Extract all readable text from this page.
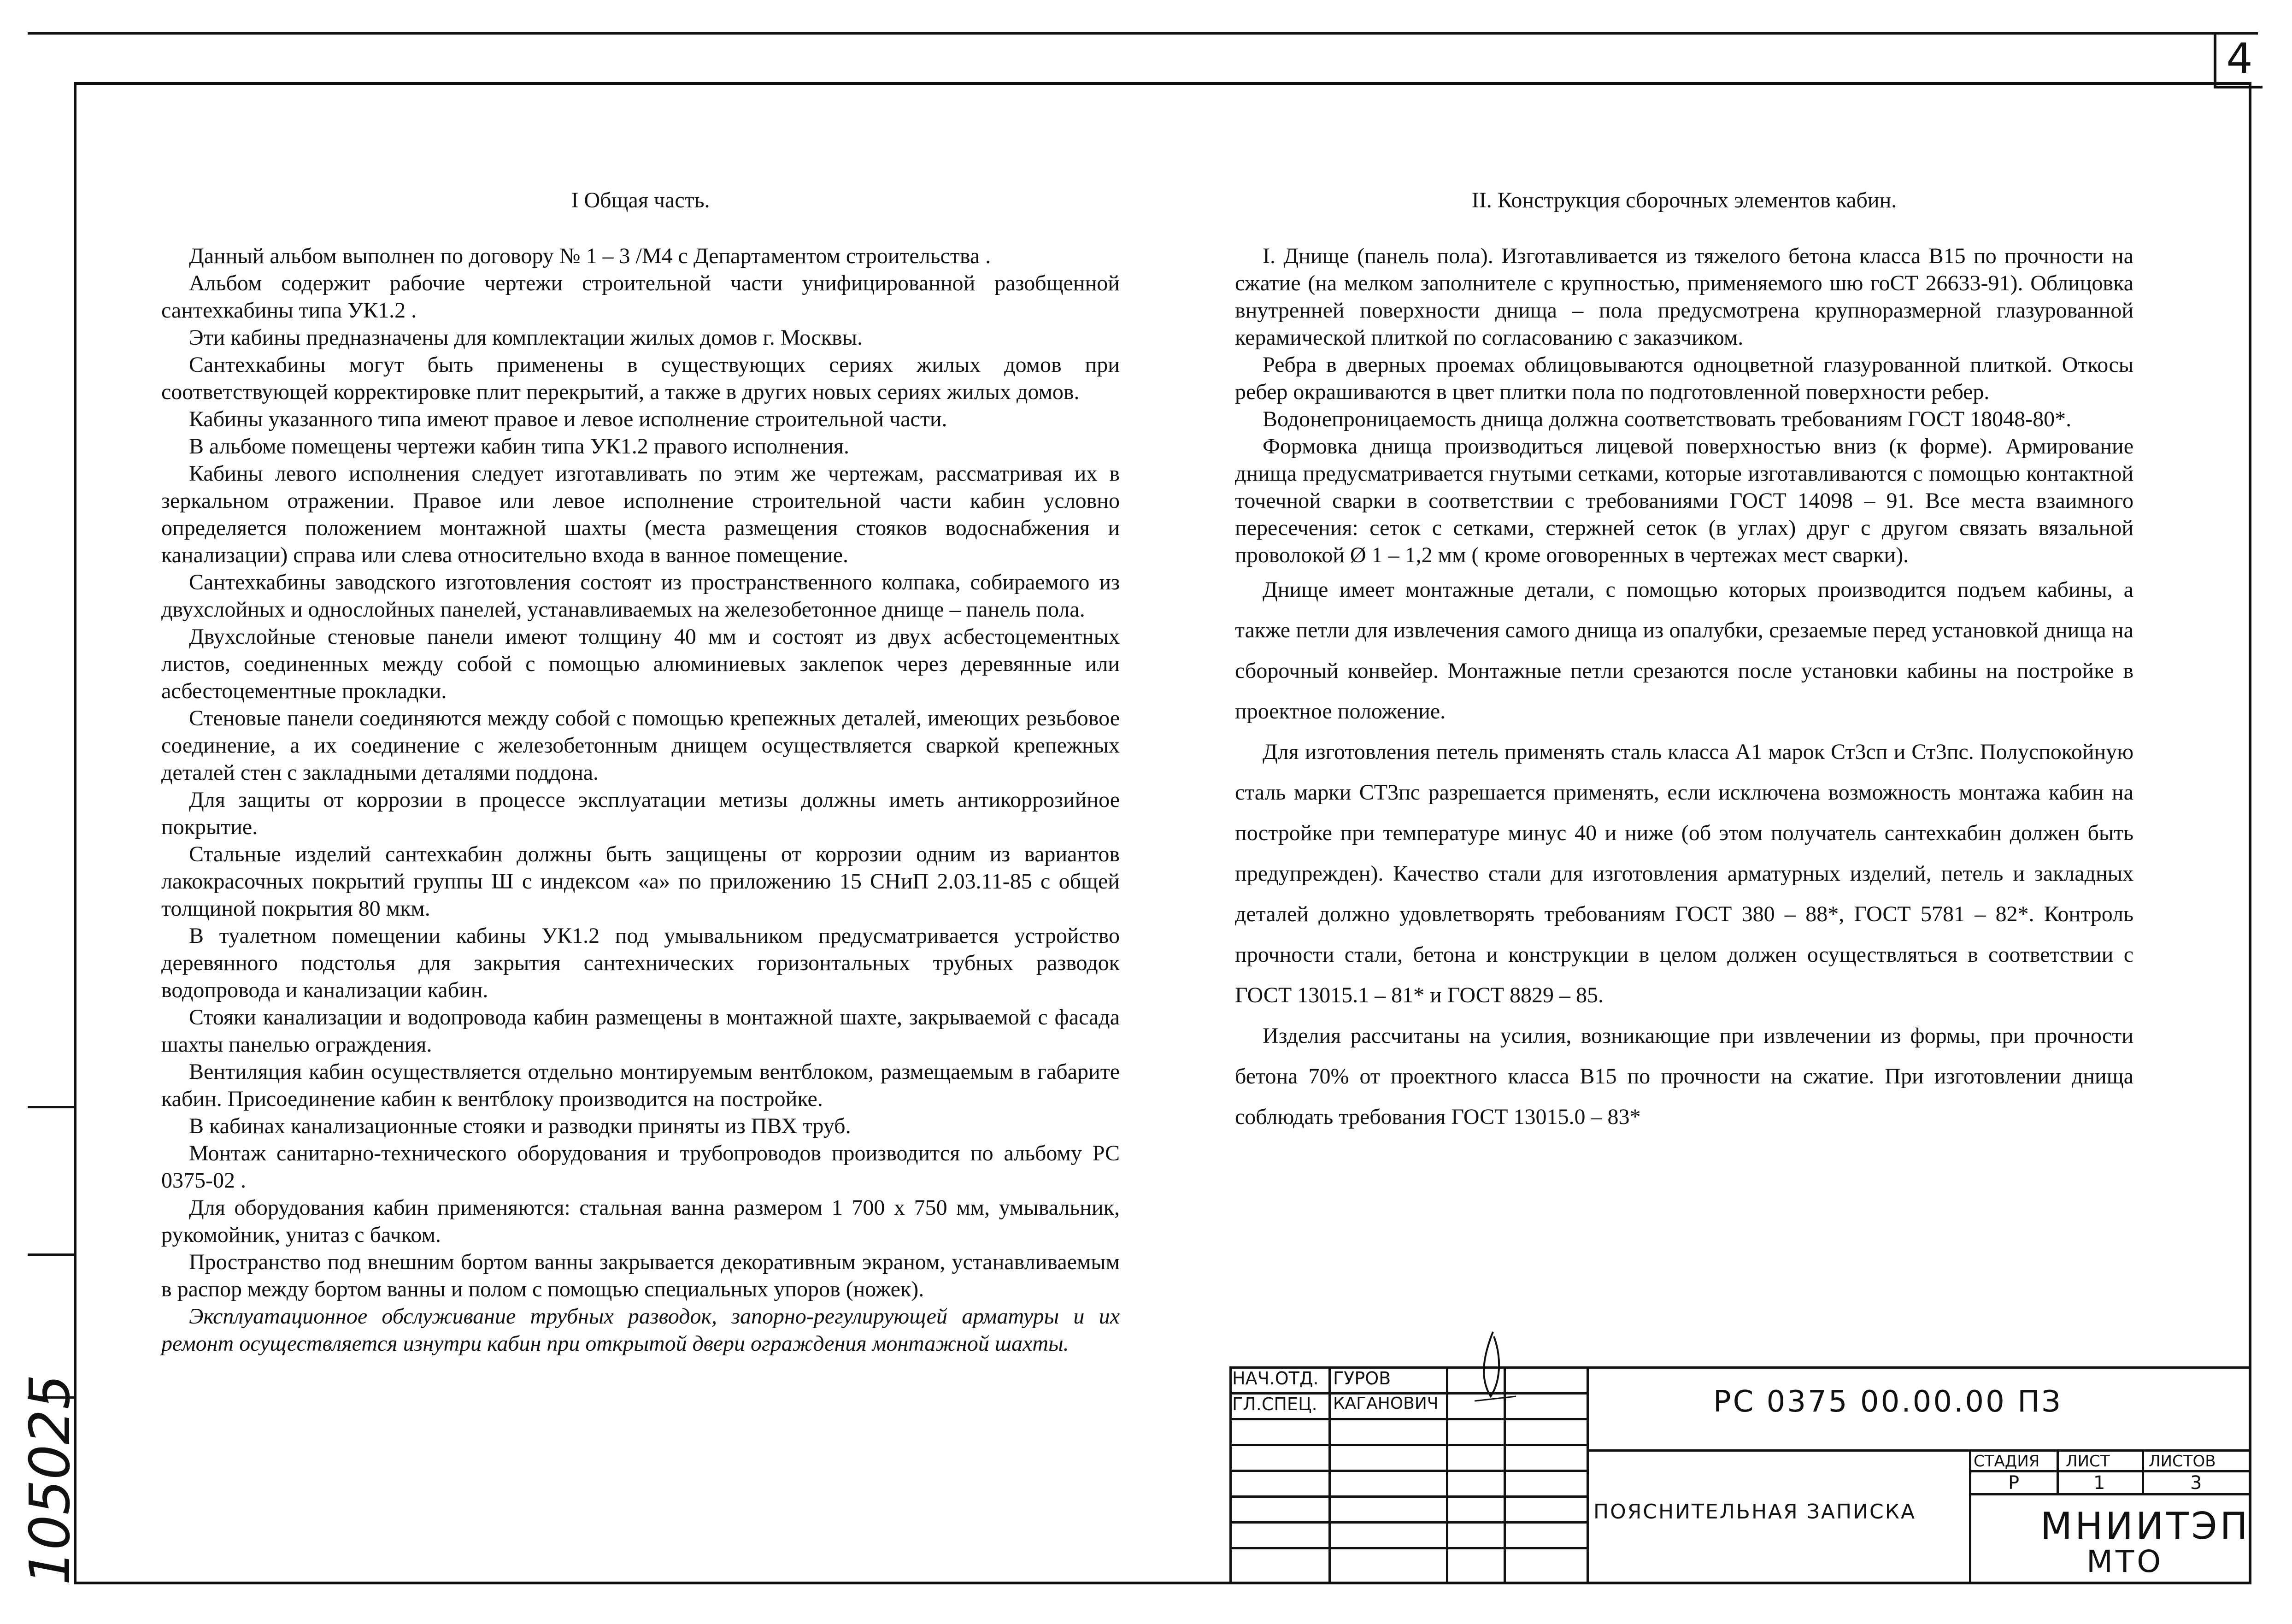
4
105025

I Общая часть.

Данный альбом выполнен по договору № 1 – 3 /M4 с Департаментом строительства .

Альбом содержит рабочие чертежи строительной части унифицированной разобщенной сантехкабины типа УК1.2 .

Эти кабины предназначены для комплектации жилых домов г. Москвы.

Сантехкабины могут быть применены в существующих сериях жилых домов при соответствующей корректировке плит перекрытий, а также в других новых сериях жилых домов.

Кабины указанного типа имеют правое и левое исполнение строительной части.

В альбоме помещены чертежи кабин типа УК1.2 правого исполнения.

Кабины левого исполнения следует изготавливать по этим же чертежам, рассматривая их в зеркальном отражении. Правое или левое исполнение строительной части кабин условно определяется положением монтажной шахты (места размещения стояков водоснабжения и канализации) справа или слева относительно входа в ванное помещение.

Сантехкабины заводского изготовления состоят из пространственного колпака, собираемого из двухслойных и однослойных панелей, устанавливаемых на железобетонное днище – панель пола.

Двухслойные стеновые панели имеют толщину 40 мм и состоят из двух асбестоцементных листов, соединенных между собой с помощью алюминиевых заклепок через деревянные или асбестоцементные прокладки.

Стеновые панели соединяются между собой с помощью крепежных деталей, имеющих резьбовое соединение, а их соединение с железобетонным днищем осуществляется сваркой крепежных деталей стен с закладными деталями поддона.

Для защиты от коррозии в процессе эксплуатации метизы должны иметь антикоррозийное покрытие.

Стальные изделий сантехкабин должны быть защищены от коррозии одним из вариантов лакокрасочных покрытий группы Ш с индексом «а» по приложению 15 СНиП 2.03.11-85 с общей толщиной покрытия 80 мкм.

В туалетном помещении кабины УК1.2 под умывальником предусматривается устройство деревянного подстолья для закрытия сантехнических горизонтальных трубных разводок водопровода и канализации кабин.

Стояки канализации и водопровода кабин размещены в монтажной шахте, закрываемой с фасада шахты панелью ограждения.

Вентиляция кабин осуществляется отдельно монтируемым вентблоком, размещаемым в габарите кабин. Присоединение кабин к вентблоку производится на постройке.

В кабинах канализационные стояки и разводки приняты из ПВХ труб.

Монтаж санитарно-технического оборудования и трубопроводов производится по альбому РС 0375-02 .

Для оборудования кабин применяются: стальная ванна размером 1 700 х 750 мм, умывальник, рукомойник, унитаз с бачком.

Пространство под внешним бортом ванны закрывается декоративным экраном, устанавливаемым в распор между бортом ванны и полом с помощью специальных упоров (ножек).

Эксплуатационное обслуживание трубных разводок, запорно-регулирующей арматуры и их ремонт осуществляется изнутри кабин при открытой двери ограждения монтажной шахты.

II. Конструкция сборочных элементов кабин.

I. Днище (панель пола). Изготавливается из тяжелого бетона класса В15 по прочности на сжатие (на мелком заполнителе с крупностью, применяемого шю гоСТ 26633-91). Облицовка внутренней поверхности днища – пола предусмотрена крупноразмерной глазурованной керамической плиткой по согласованию с заказчиком.

Ребра в дверных проемах облицовываются одноцветной глазурованной плиткой. Откосы ребер окрашиваются в цвет плитки пола по подготовленной поверхности ребер.

Водонепроницаемость днища должна соответствовать требованиям ГОСТ 18048-80*.

Формовка днища производиться лицевой поверхностью вниз (к форме). Армирование днища предусматривается гнутыми сетками, которые изготавливаются с помощью контактной точечной сварки в соответствии с требованиями ГОСТ 14098 – 91. Все места взаимного пересечения: сеток с сетками, стержней сеток (в углах) друг с другом связать вязальной проволокой Ø 1 – 1,2 мм ( кроме оговоренных в чертежах мест сварки).

Днище имеет монтажные детали, с помощью которых производится подъем кабины, а также петли для извлечения самого днища из опалубки, срезаемые перед установкой днища на сборочный конвейер. Монтажные петли срезаются после установки кабины на постройке в проектное положение.

Для изготовления петель применять сталь класса А1 марок Ст3сп и Ст3пс. Полуспокойную сталь марки СТ3пс разрешается применять, если исключена возможность монтажа кабин на постройке при температуре минус 40 и ниже (об этом получатель сантехкабин должен быть предупрежден). Качество стали для изготовления арматурных изделий, петель и закладных деталей должно удовлетворять требованиям ГОСТ 380 – 88*, ГОСТ 5781 – 82*. Контроль прочности стали, бетона и конструкции в целом должен осуществляться в соответствии с ГОСТ 13015.1 – 81* и ГОСТ 8829 – 85.

Изделия рассчитаны на усилия, возникающие при извлечении из формы, при прочности бетона 70% от проектного класса В15 по прочности на сжатие. При изготовлении днища соблюдать требования ГОСТ 13015.0 – 83*

НАЧ.ОТД. ГУРОВ
ГЛ.СПЕЦ. КАГАНОВИЧ	РС 0375 00.00.00 ПЗ
ПОЯСНИТЕЛЬНАЯ ЗАПИСКА
СТАДИЯ ЛИСТ ЛИСТОВ
Р	1	3
МНИИТЭП
МТО
